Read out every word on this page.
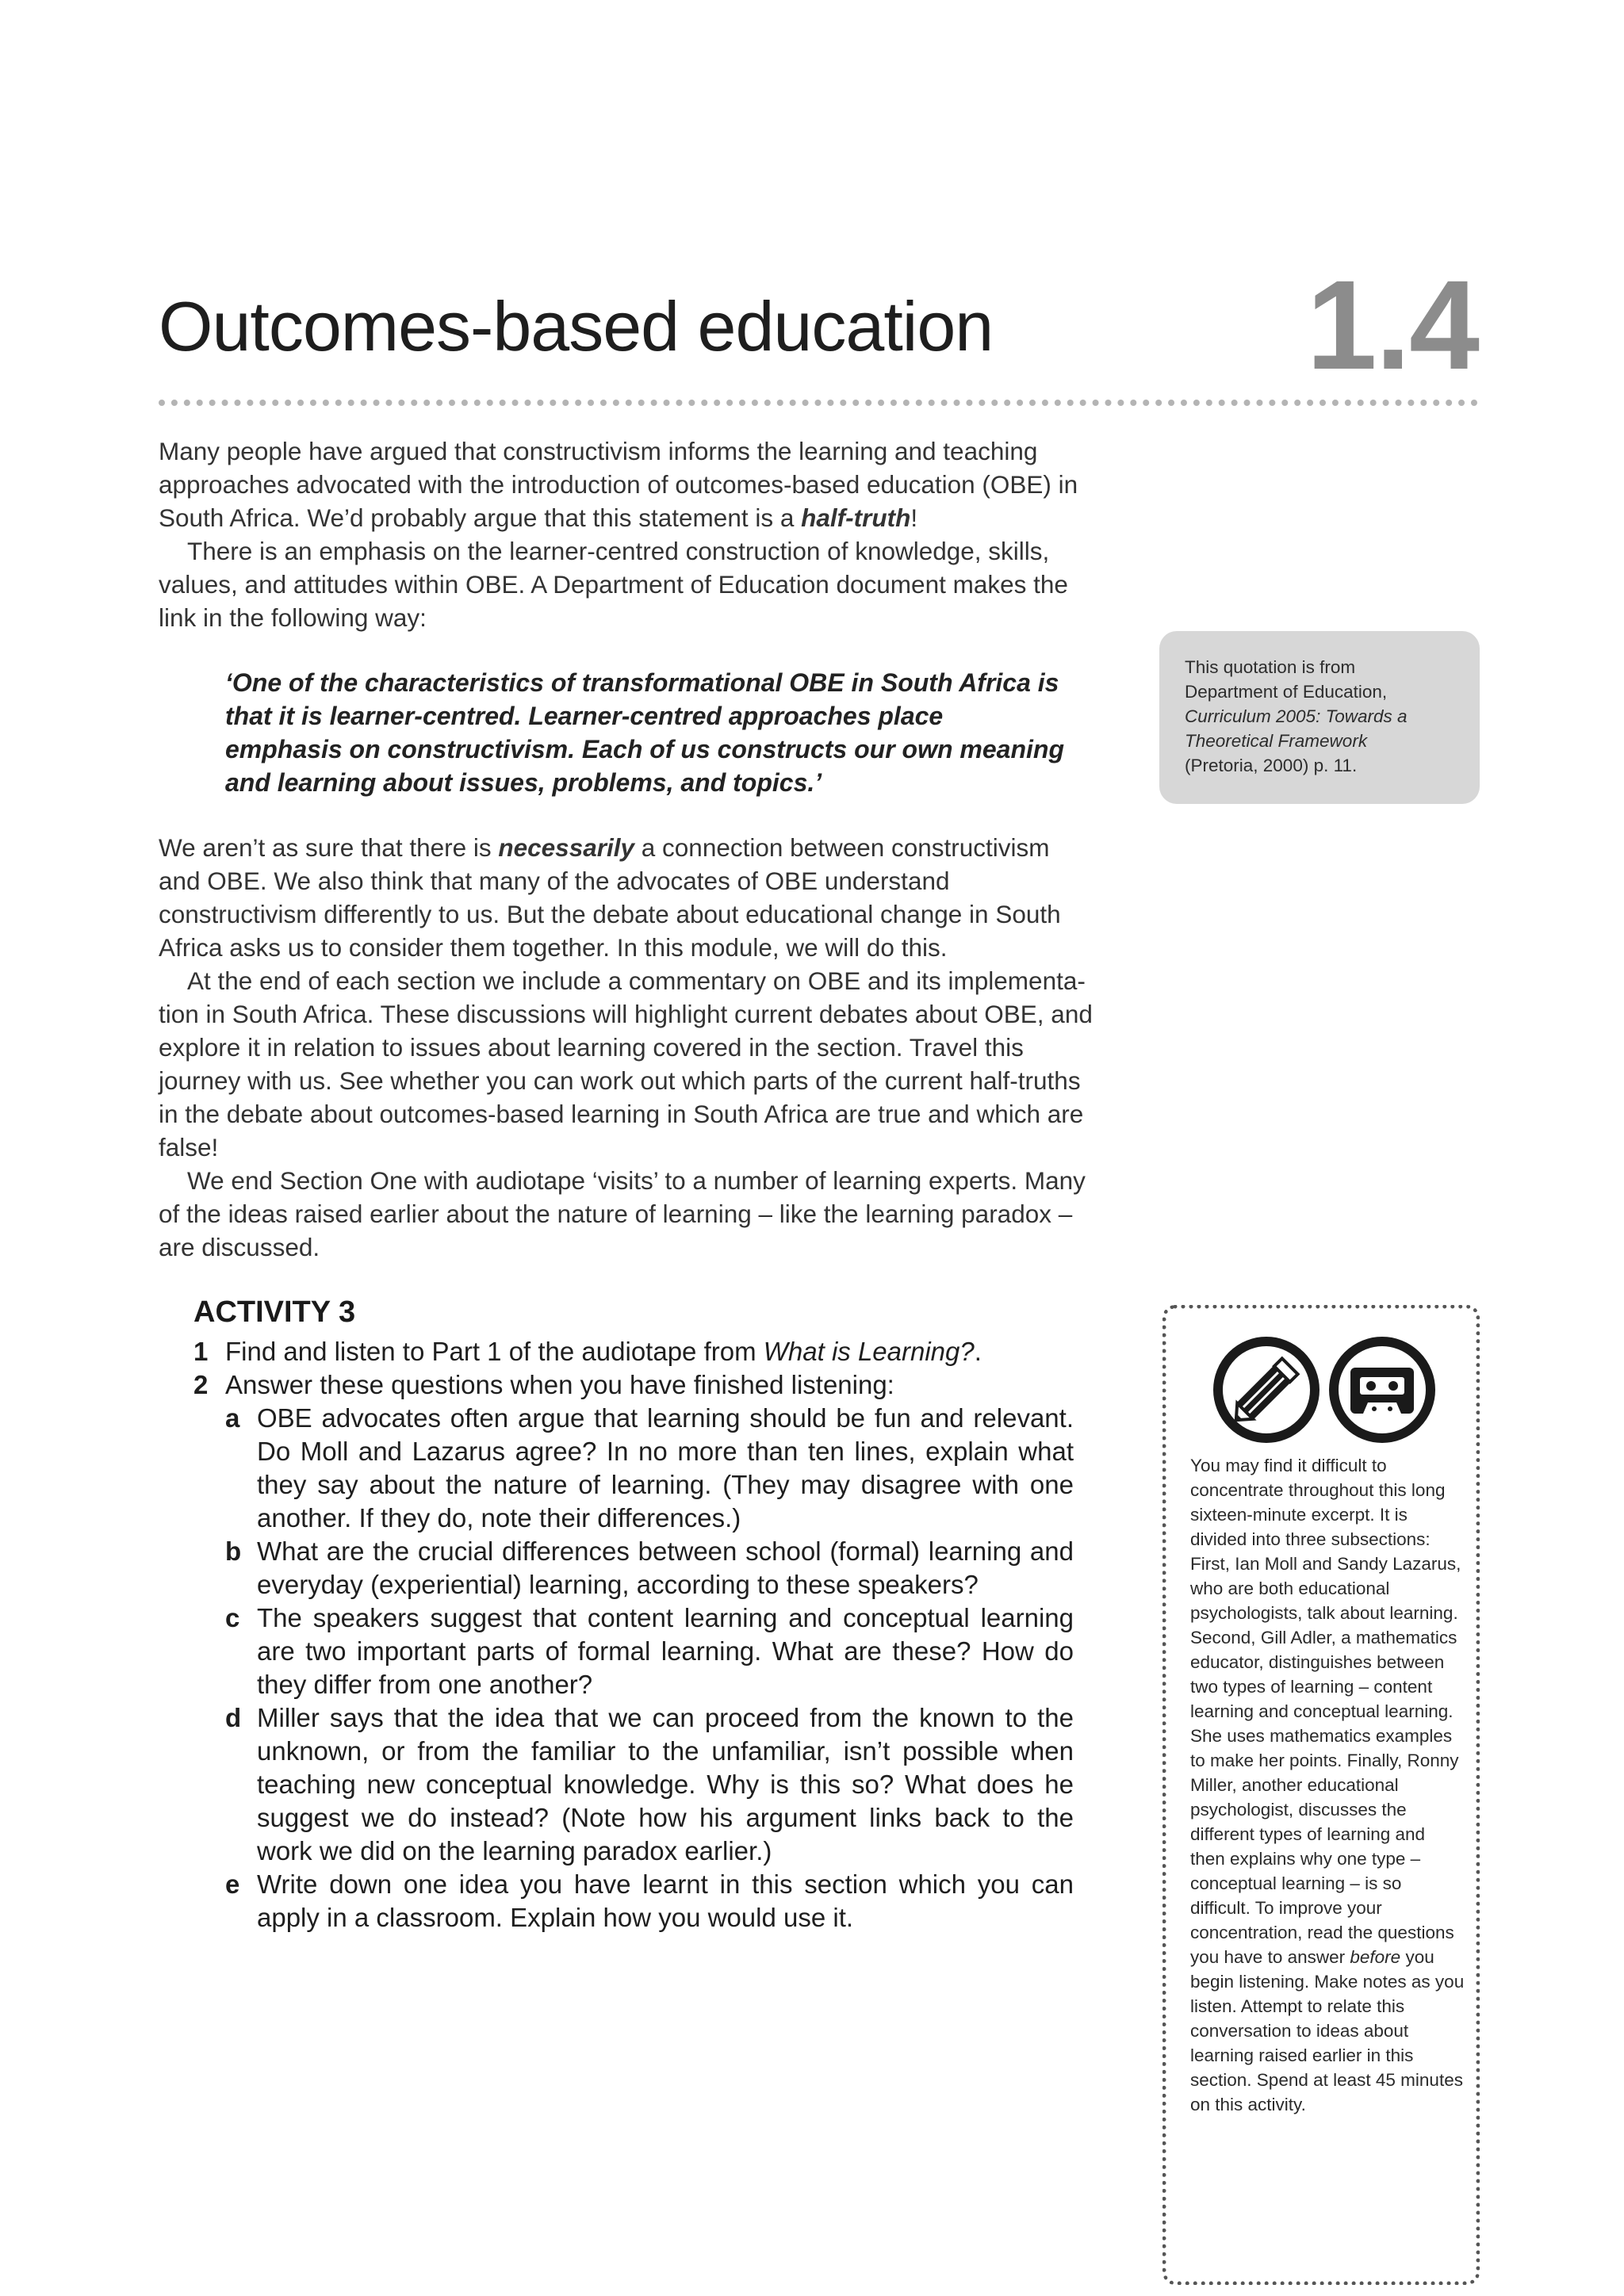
Outcomes-based education 1.4

Many people have argued that constructivism informs the learning and teaching approaches advocated with the introduction of outcomes-based education (OBE) in South Africa. We’d probably argue that this statement is a half-truth!

There is an emphasis on the learner-centred construction of knowledge, skills, values, and attitudes within OBE. A Department of Education document makes the link in the following way:

‘One of the characteristics of transformational OBE in South Africa is that it is learner-centred. Learner-centred approaches place emphasis on constructivism. Each of us constructs our own meaning and learning about issues, problems, and topics.’

This quotation is from
Department of Education,
Curriculum 2005: Towards a
Theoretical Framework
(Pretoria, 2000) p. 11.

We aren’t as sure that there is necessarily a connection between constructivism and OBE. We also think that many of the advocates of OBE understand constructivism differently to us. But the debate about educational change in South Africa asks us to consider them together. In this module, we will do this.

At the end of each section we include a commentary on OBE and its implementation in South Africa. These discussions will highlight current debates about OBE, and explore it in relation to issues about learning covered in the section. Travel this journey with us. See whether you can work out which parts of the current half-truths in the debate about outcomes-based learning in South Africa are true and which are false!

We end Section One with audiotape ‘visits’ to a number of learning experts. Many of the ideas raised earlier about the nature of learning – like the learning paradox – are discussed.

ACTIVITY 3
1 Find and listen to Part 1 of the audiotape from What is Learning?.
2 Answer these questions when you have finished listening:
a OBE advocates often argue that learning should be fun and relevant. Do Moll and Lazarus agree? In no more than ten lines, explain what they say about the nature of learning. (They may disagree with one another. If they do, note their differences.)
b What are the crucial differences between school (formal) learning and everyday (experiential) learning, according to these speakers?
c The speakers suggest that content learning and conceptual learning are two important parts of formal learning. What are these? How do they differ from one another?
d Miller says that the idea that we can proceed from the known to the unknown, or from the familiar to the unfamiliar, isn’t possible when teaching new conceptual knowledge. Why is this so? What does he suggest we do instead? (Note how his argument links back to the work we did on the learning paradox earlier.)
e Write down one idea you have learnt in this section which you can apply in a classroom. Explain how you would use it.

You may find it difficult to concentrate throughout this long sixteen-minute excerpt. It is divided into three subsections: First, Ian Moll and Sandy Lazarus, who are both educational psychologists, talk about learning. Second, Gill Adler, a mathematics educator, distinguishes between two types of learning – content learning and conceptual learning. She uses mathematics examples to make her points. Finally, Ronny Miller, another educational psychologist, discusses the different types of learning and then explains why one type – conceptual learning – is so difficult. To improve your concentration, read the questions you have to answer before you begin listening. Make notes as you listen. Attempt to relate this conversation to ideas about learning raised earlier in this section. Spend at least 45 minutes on this activity.
